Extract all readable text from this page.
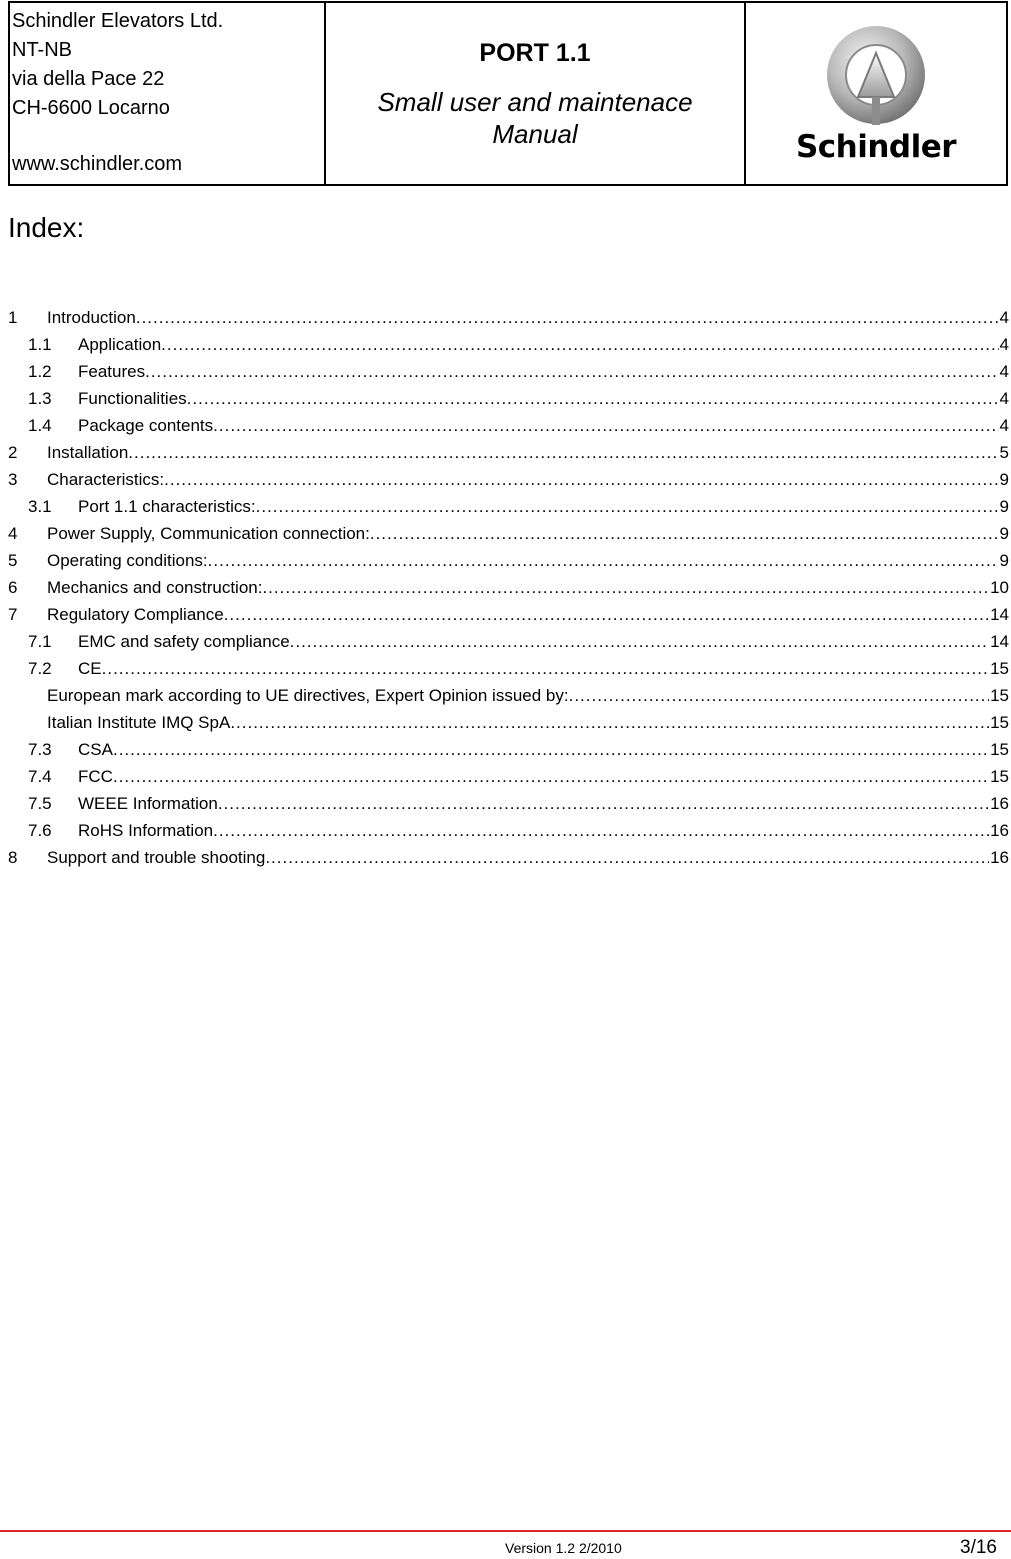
Schindler Elevators Ltd.
NT-NB
via della Pace 22
CH-6600 Locarno
www.schindler.com
PORT 1.1
Small user and maintenace Manual	Schindler
Index:
1 Introduction .....	4
1.1 Application .....	4
1.2 Features .....	4
1.3 Functionalities .....	4
1.4 Package contents .....	4
2 Installation .....	5
3 Characteristics: .....	9
3.1 Port 1.1 characteristics: .....	9
4 Power Supply, Communication connection: .....	9
5 Operating conditions: .....	9
6 Mechanics and construction: .....	10
7 Regulatory Compliance .....	14
7.1 EMC and safety compliance .....	14
7.2 CE .....	15
European mark according to UE directives, Expert Opinion issued by: .....	15
Italian Institute IMQ SpA .....	15
7.3 CSA .....	15
7.4 FCC .....	15
7.5 WEEE Information .....	16
7.6 RoHS Information .....	16
8 Support and trouble shooting .....	16
Version 1.2 2/2010	3/16
